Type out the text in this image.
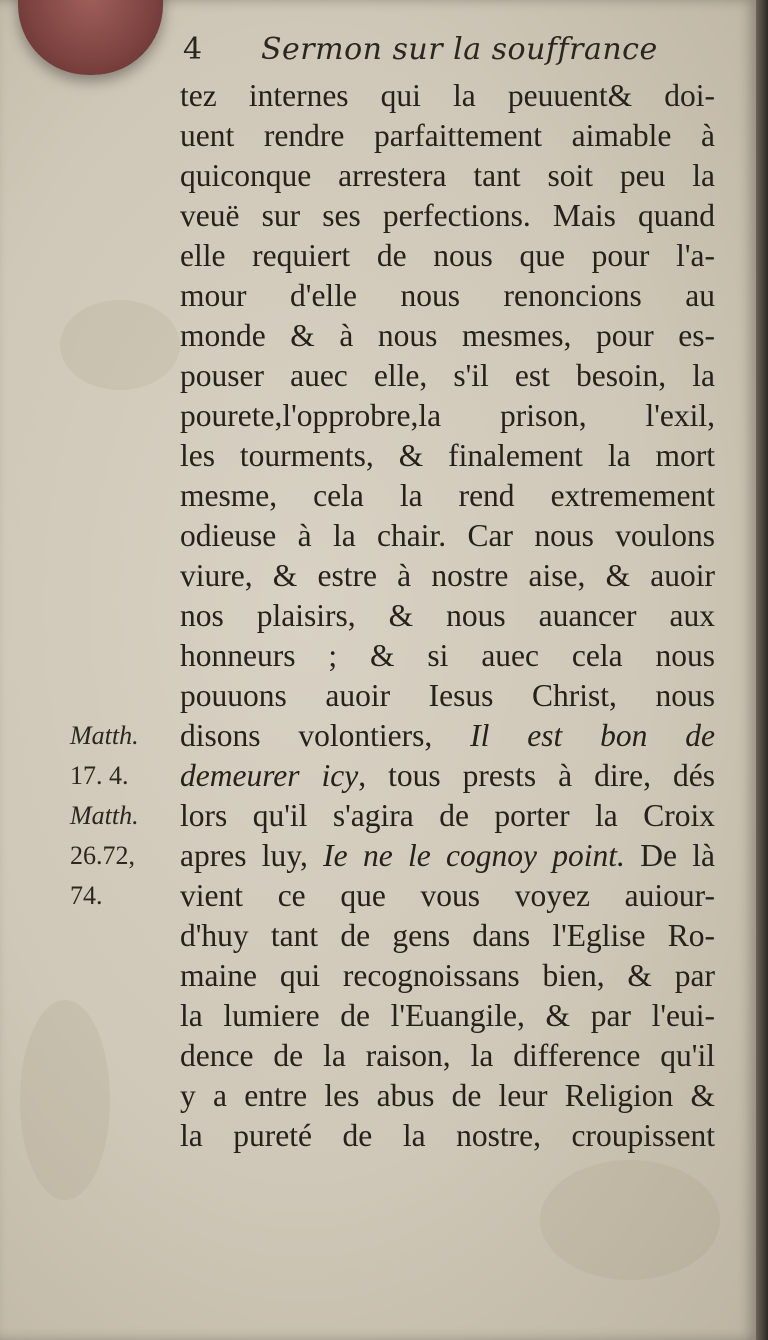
4 Sermon sur la souffrance
tez internes qui la peuuent& doi-
uent rendre parfaittement aimable à
quiconque arrestera tant soit peu la
veuë sur ses perfections. Mais quand
elle requiert de nous que pour l'a-
mour d'elle nous renoncions au
monde & à nous mesmes, pour es-
pouser auec elle, s'il est besoin, la
pourete,l'opprobre,la prison, l'exil,
les tourments, & finalement la mort
mesme, cela la rend extremement
odieuse à la chair. Car nous voulons
viure, & estre à nostre aise, & auoir
nos plaisirs, & nous auancer aux
honneurs ; & si auec cela nous
pouuons auoir Iesus Christ, nous
disons volontiers, Il est bon de
demeurer icy, tous prests à dire, dés
lors qu'il s'agira de porter la Croix
apres luy, Ie ne le cognoy point. De là
vient ce que vous voyez auiour-
d'huy tant de gens dans l'Eglise Ro-
maine qui recognoissans bien, & par
la lumiere de l'Euangile, & par l'eui-
dence de la raison, la difference qu'il
y a entre les abus de leur Religion &
la pureté de la nostre, croupissent
Matth.
17. 4.
Matth.
26.72,
74.
